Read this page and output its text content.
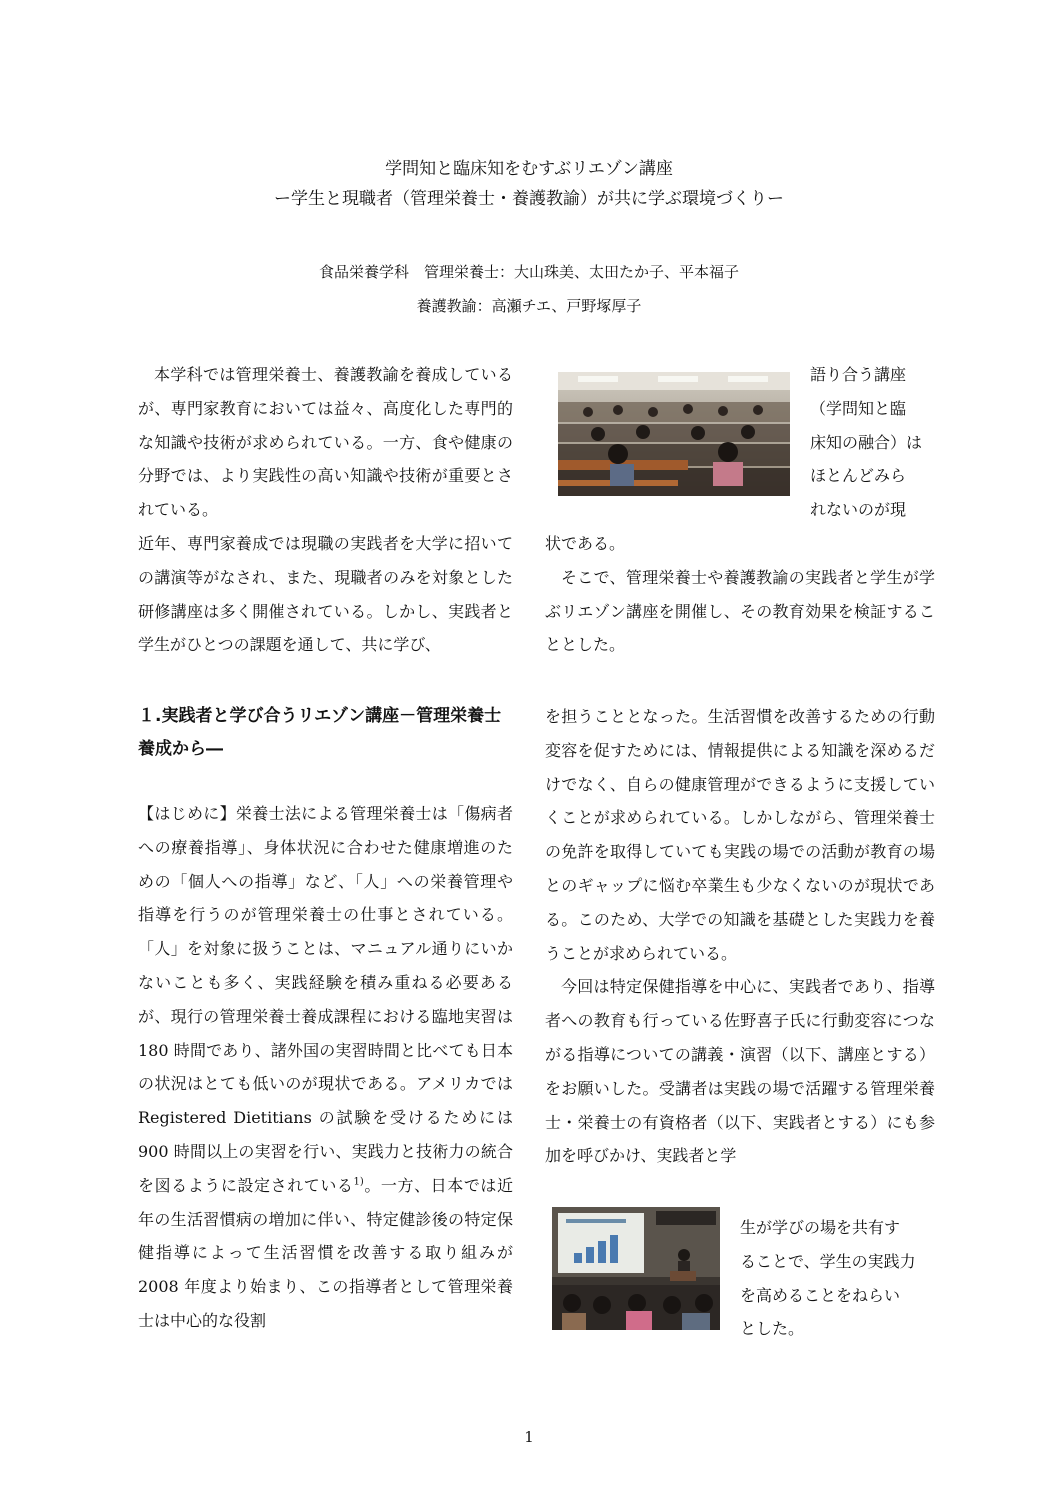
学問知と臨床知をむすぶリエゾン講座
ー学生と現職者（管理栄養士・養護教諭）が共に学ぶ環境づくりー
食品栄養学科　管理栄養士：大山珠美、太田たか子、平本福子
養護教諭：高瀬チエ、戸野塚厚子

本学科では管理栄養士、養護教諭を養成しているが、専門家教育においては益々、高度化した専門的な知識や技術が求められている。一方、食や健康の分野では、より実践性の高い知識や技術が重要とされている。

近年、専門家養成では現職の実践者を大学に招いての講演等がなされ、また、現職者のみを対象とした研修講座は多く開催されている。しかし、実践者と学生がひとつの課題を通して、共に学び、

語り合う講座

（学問知と臨

床知の融合）は

ほとんどみら

れないのが現

状である。

そこで、管理栄養士や養護教諭の実践者と学生が学ぶリエゾン講座を開催し、その教育効果を検証することとした。

１.実践者と学び合うリエゾン講座－管理栄養士
養成から―

【はじめに】栄養士法による管理栄養士は「傷病者への療養指導」、身体状況に合わせた健康増進のための「個人への指導」など、「人」への栄養管理や指導を行うのが管理栄養士の仕事とされている。「人」を対象に扱うことは、マニュアル通りにいかないことも多く、実践経験を積み重ねる必要あるが、現行の管理栄養士養成課程における臨地実習は 180 時間であり、諸外国の実習時間と比べても日本の状況はとても低いのが現状である。アメリカでは Registered Dietitians の試験を受けるためには 900 時間以上の実習を行い、実践力と技術力の統合を図るように設定されている$^{1)}$。一方、日本では近年の生活習慣病の増加に伴い、特定健診後の特定保健指導によって生活習慣を改善する取り組みが 2008 年度より始まり、この指導者として管理栄養士は中心的な役割

を担うこととなった。生活習慣を改善するための行動変容を促すためには、情報提供による知識を深めるだけでなく、自らの健康管理ができるように支援していくことが求められている。しかしながら、管理栄養士の免許を取得していても実践の場での活動が教育の場とのギャップに悩む卒業生も少なくないのが現状である。このため、大学での知識を基礎とした実践力を養うことが求められている。

今回は特定保健指導を中心に、実践者であり、指導者への教育も行っている佐野喜子氏に行動変容につながる指導についての講義・演習（以下、講座とする）をお願いした。受講者は実践の場で活躍する管理栄養士・栄養士の有資格者（以下、実践者とする）にも参加を呼びかけ、実践者と学

生が学びの場を共有す

ることで、学生の実践力

を高めることをねらい

とした。

1
